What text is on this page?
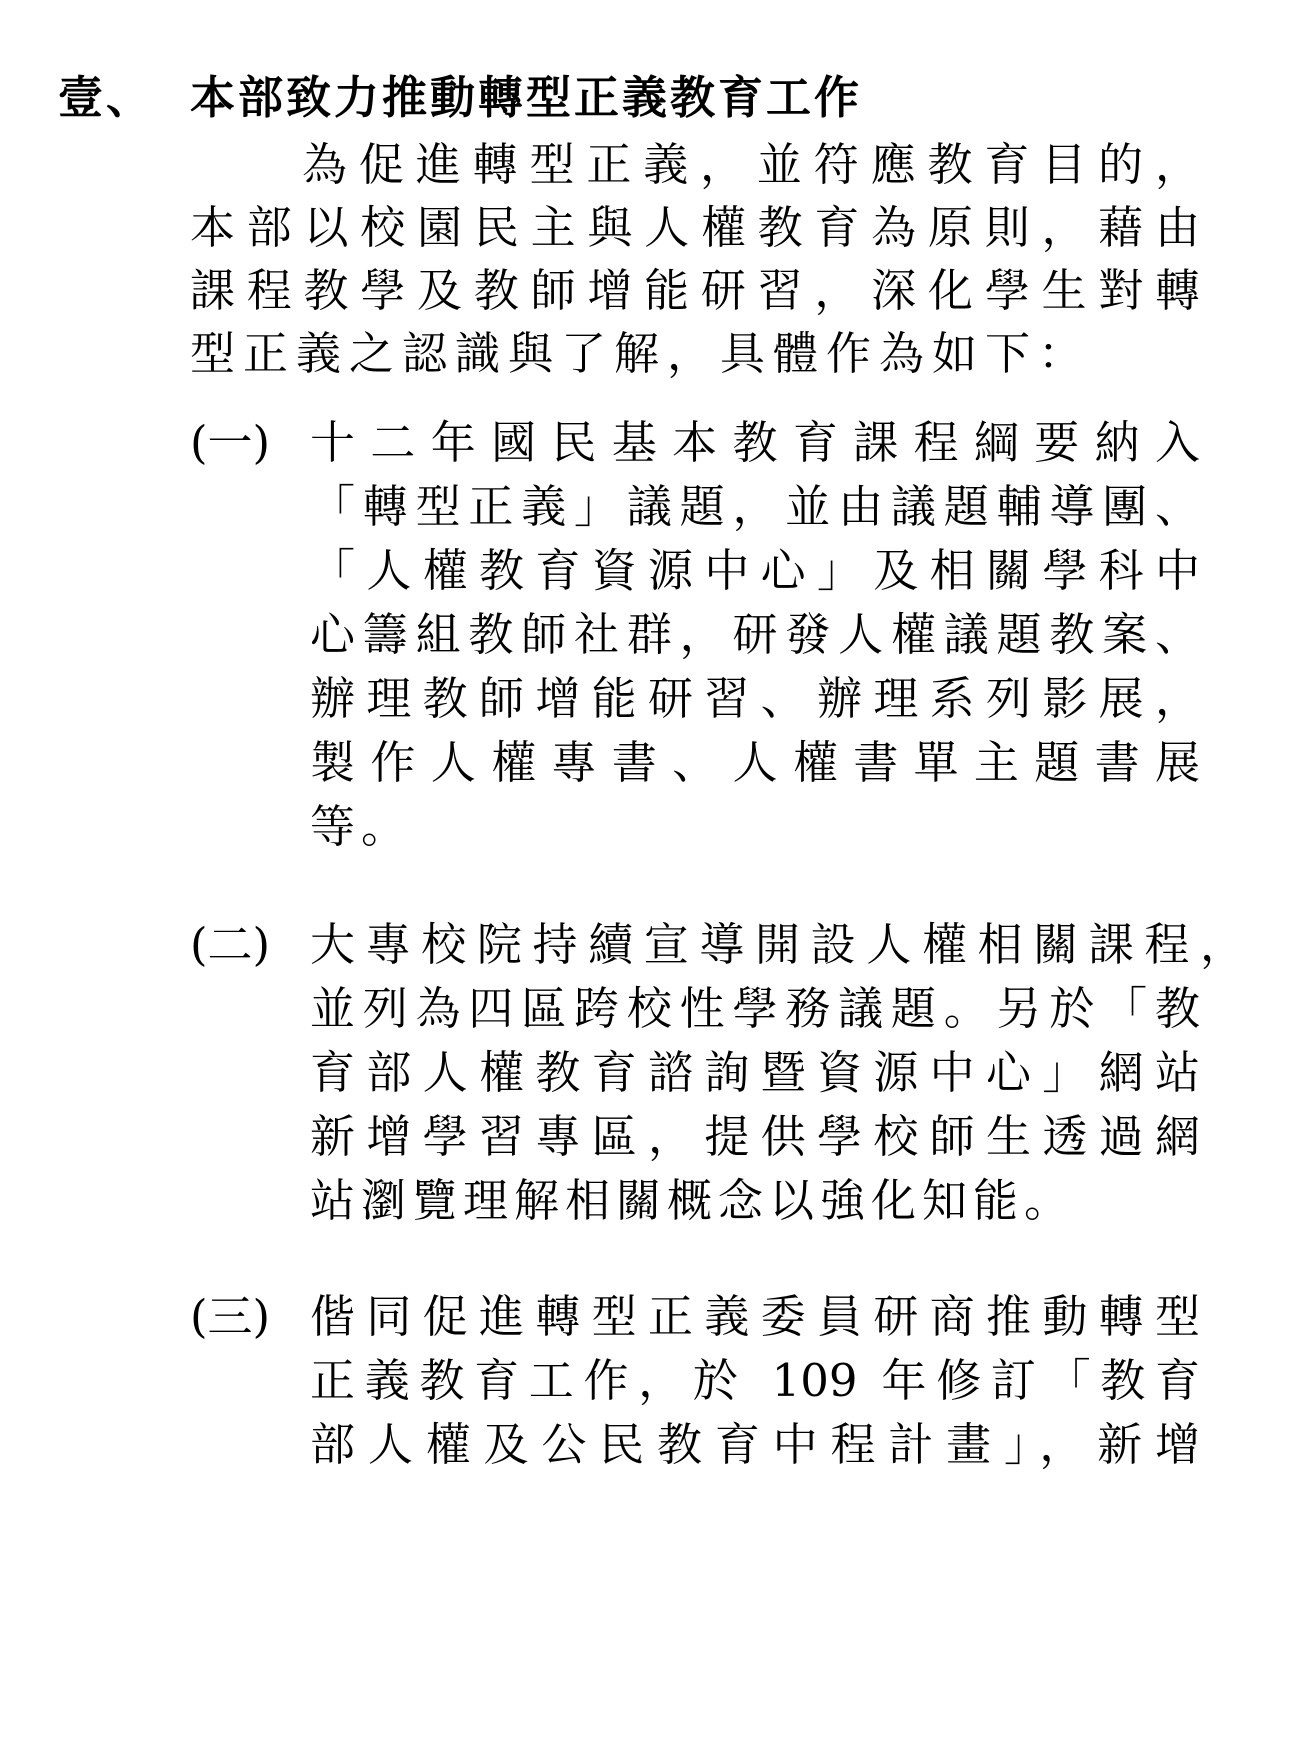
壹、 本部致力推動轉型正義教育工作
為促進轉型正義，並符應教育目的，
本部以校園民主與人權教育為原則，藉由
課程教學及教師增能研習，深化學生對轉
型正義之認識與了解，具體作為如下：
(一) 十二年國民基本教育課程綱要納入
「轉型正義」議題，並由議題輔導團、
「人權教育資源中心」及相關學科中
心籌組教師社群，研發人權議題教案、
辦理教師增能研習、辦理系列影展，
製作人權專書、人權書單主題書展
等。
(二) 大專校院持續宣導開設人權相關課程，
並列為四區跨校性學務議題。另於「教
育部人權教育諮詢暨資源中心」網站
新增學習專區，提供學校師生透過網
站瀏覽理解相關概念以強化知能。
(三) 偕同促進轉型正義委員研商推動轉型
正義教育工作，於 109 年修訂「教育
部人權及公民教育中程計畫」，新增
